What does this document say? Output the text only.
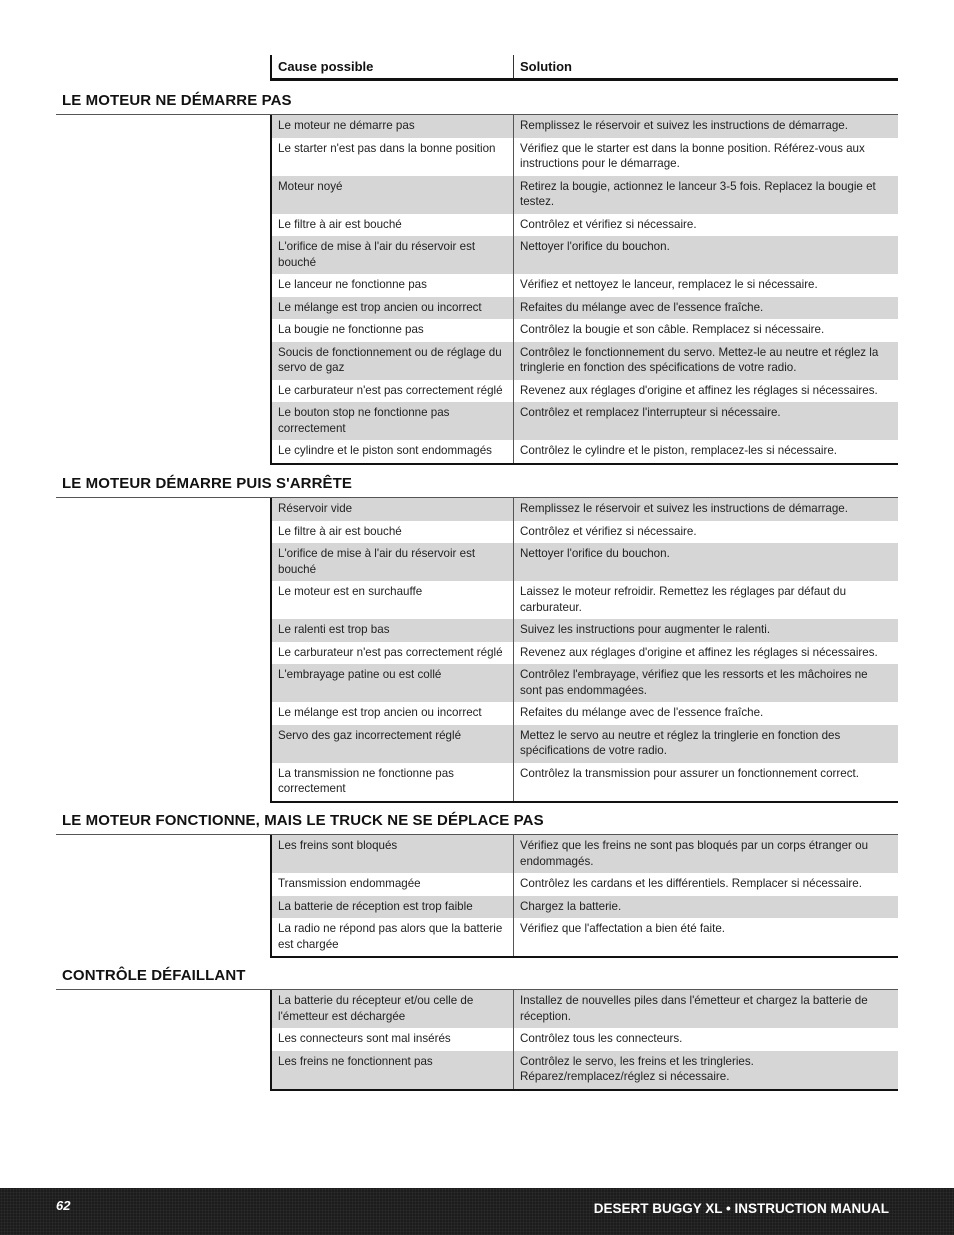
Cause possible	Solution
LE MOTEUR NE DÉMARRE PAS
Le moteur ne démarre pas	Remplissez le réservoir et suivez les instructions de démarrage.
Le starter n'est pas dans la bonne position	Vérifiez que le starter est dans la bonne position. Référez-vous aux instructions pour le démarrage.
Moteur noyé	Retirez la bougie, actionnez le lanceur 3-5 fois. Replacez la bougie et testez.
Le filtre à air est bouché	Contrôlez et vérifiez si nécessaire.
L'orifice de mise à l'air du réservoir est bouché	Nettoyer l'orifice du bouchon.
Le lanceur ne fonctionne pas	Vérifiez et nettoyez le lanceur, remplacez le si nécessaire.
Le mélange est trop ancien ou incorrect	Refaites du mélange avec de l'essence fraîche.
La bougie ne fonctionne pas	Contrôlez la bougie et son câble. Remplacez si nécessaire.
Soucis de fonctionnement ou de réglage du servo de gaz	Contrôlez le fonctionnement du servo. Mettez-le au neutre et réglez la tringlerie en fonction des spécifications de votre radio.
Le carburateur n'est pas correctement réglé	Revenez aux réglages d'origine et affinez les réglages si nécessaires.
Le bouton stop ne fonctionne pas correctement	Contrôlez et remplacez l'interrupteur si nécessaire.
Le cylindre et le piston sont endommagés	Contrôlez le cylindre et le piston, remplacez-les si nécessaire.
LE MOTEUR DÉMARRE PUIS S'ARRÊTE
Réservoir vide	Remplissez le réservoir et suivez les instructions de démarrage.
Le filtre à air est bouché	Contrôlez et vérifiez si nécessaire.
L'orifice de mise à l'air du réservoir est bouché	Nettoyer l'orifice du bouchon.
Le moteur est en surchauffe	Laissez le moteur refroidir. Remettez les réglages par défaut du carburateur.
Le ralenti est trop bas	Suivez les instructions pour augmenter le ralenti.
Le carburateur n'est pas correctement réglé	Revenez aux réglages d'origine et affinez les réglages si nécessaires.
L'embrayage patine ou est collé	Contrôlez l'embrayage, vérifiez que les ressorts et les mâchoires ne sont pas endommagées.
Le mélange est trop ancien ou incorrect	Refaites du mélange avec de l'essence fraîche.
Servo des gaz incorrectement réglé	Mettez le servo au neutre et réglez la tringlerie en fonction des spécifications de votre radio.
La transmission ne fonctionne pas correctement	Contrôlez la transmission pour assurer un fonctionnement correct.
LE MOTEUR FONCTIONNE, MAIS LE TRUCK NE SE DÉPLACE PAS
Les freins sont bloqués	Vérifiez que les freins ne sont pas bloqués par un corps étranger ou endommagés.
Transmission endommagée	Contrôlez les cardans et les différentiels. Remplacer si nécessaire.
La batterie de réception est trop faible	Chargez la batterie.
La radio ne répond pas alors que la batterie est chargée	Vérifiez que l'affectation a bien été faite.
CONTRÔLE DÉFAILLANT
La batterie du récepteur et/ou celle de l'émetteur est déchargée	Installez de nouvelles piles dans l'émetteur et chargez la batterie de réception.
Les connecteurs sont mal insérés	Contrôlez tous les connecteurs.
Les freins ne fonctionnent pas	Contrôlez le servo, les freins et les tringleries. Réparez/remplacez/réglez si nécessaire.
62	DESERT BUGGY XL • INSTRUCTION MANUAL
